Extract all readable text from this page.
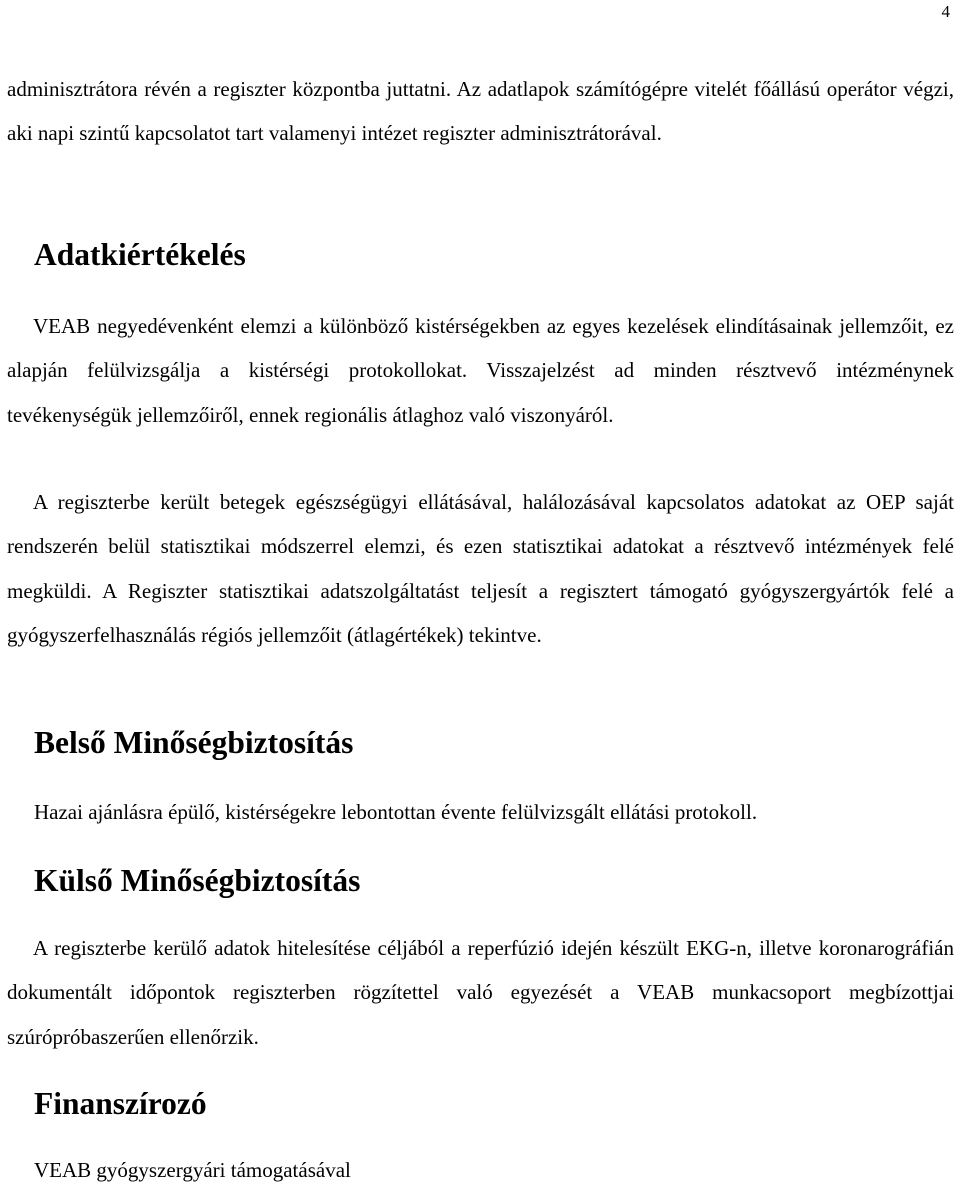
4

adminisztrátora révén a regiszter központba juttatni. Az adatlapok számítógépre vitelét főállású operátor végzi, aki napi szintű kapcsolatot tart valamenyi intézet regiszter adminisztrátorával.

Adatkiértékelés

VEAB negyedévenként elemzi a különböző kistérségekben az egyes kezelések elindításainak jellemzőit, ez alapján felülvizsgálja a kistérségi protokollokat. Visszajelzést ad minden résztvevő intézménynek tevékenységük jellemzőiről, ennek regionális átlaghoz való viszonyáról.

A regiszterbe került betegek egészségügyi ellátásával, halálozásával kapcsolatos adatokat az OEP saját rendszerén belül statisztikai módszerrel elemzi, és ezen statisztikai adatokat a résztvevő intézmények felé megküldi. A Regiszter statisztikai adatszolgáltatást teljesít a regisztert támogató gyógyszergyártók felé a gyógyszerfelhasználás régiós jellemzőit (átlagértékek) tekintve.

Belső Minőségbiztosítás

Hazai ajánlásra épülő, kistérségekre lebontottan évente felülvizsgált ellátási protokoll.

Külső Minőségbiztosítás

A regiszterbe kerülő adatok hitelesítése céljából a reperfúzió idején készült EKG-n, illetve koronarográfián dokumentált időpontok regiszterben rögzítettel való egyezését a VEAB munkacsoport megbízottjai szúrópróbaszerűen ellenőrzik.

Finanszírozó

VEAB gyógyszergyári támogatásával
